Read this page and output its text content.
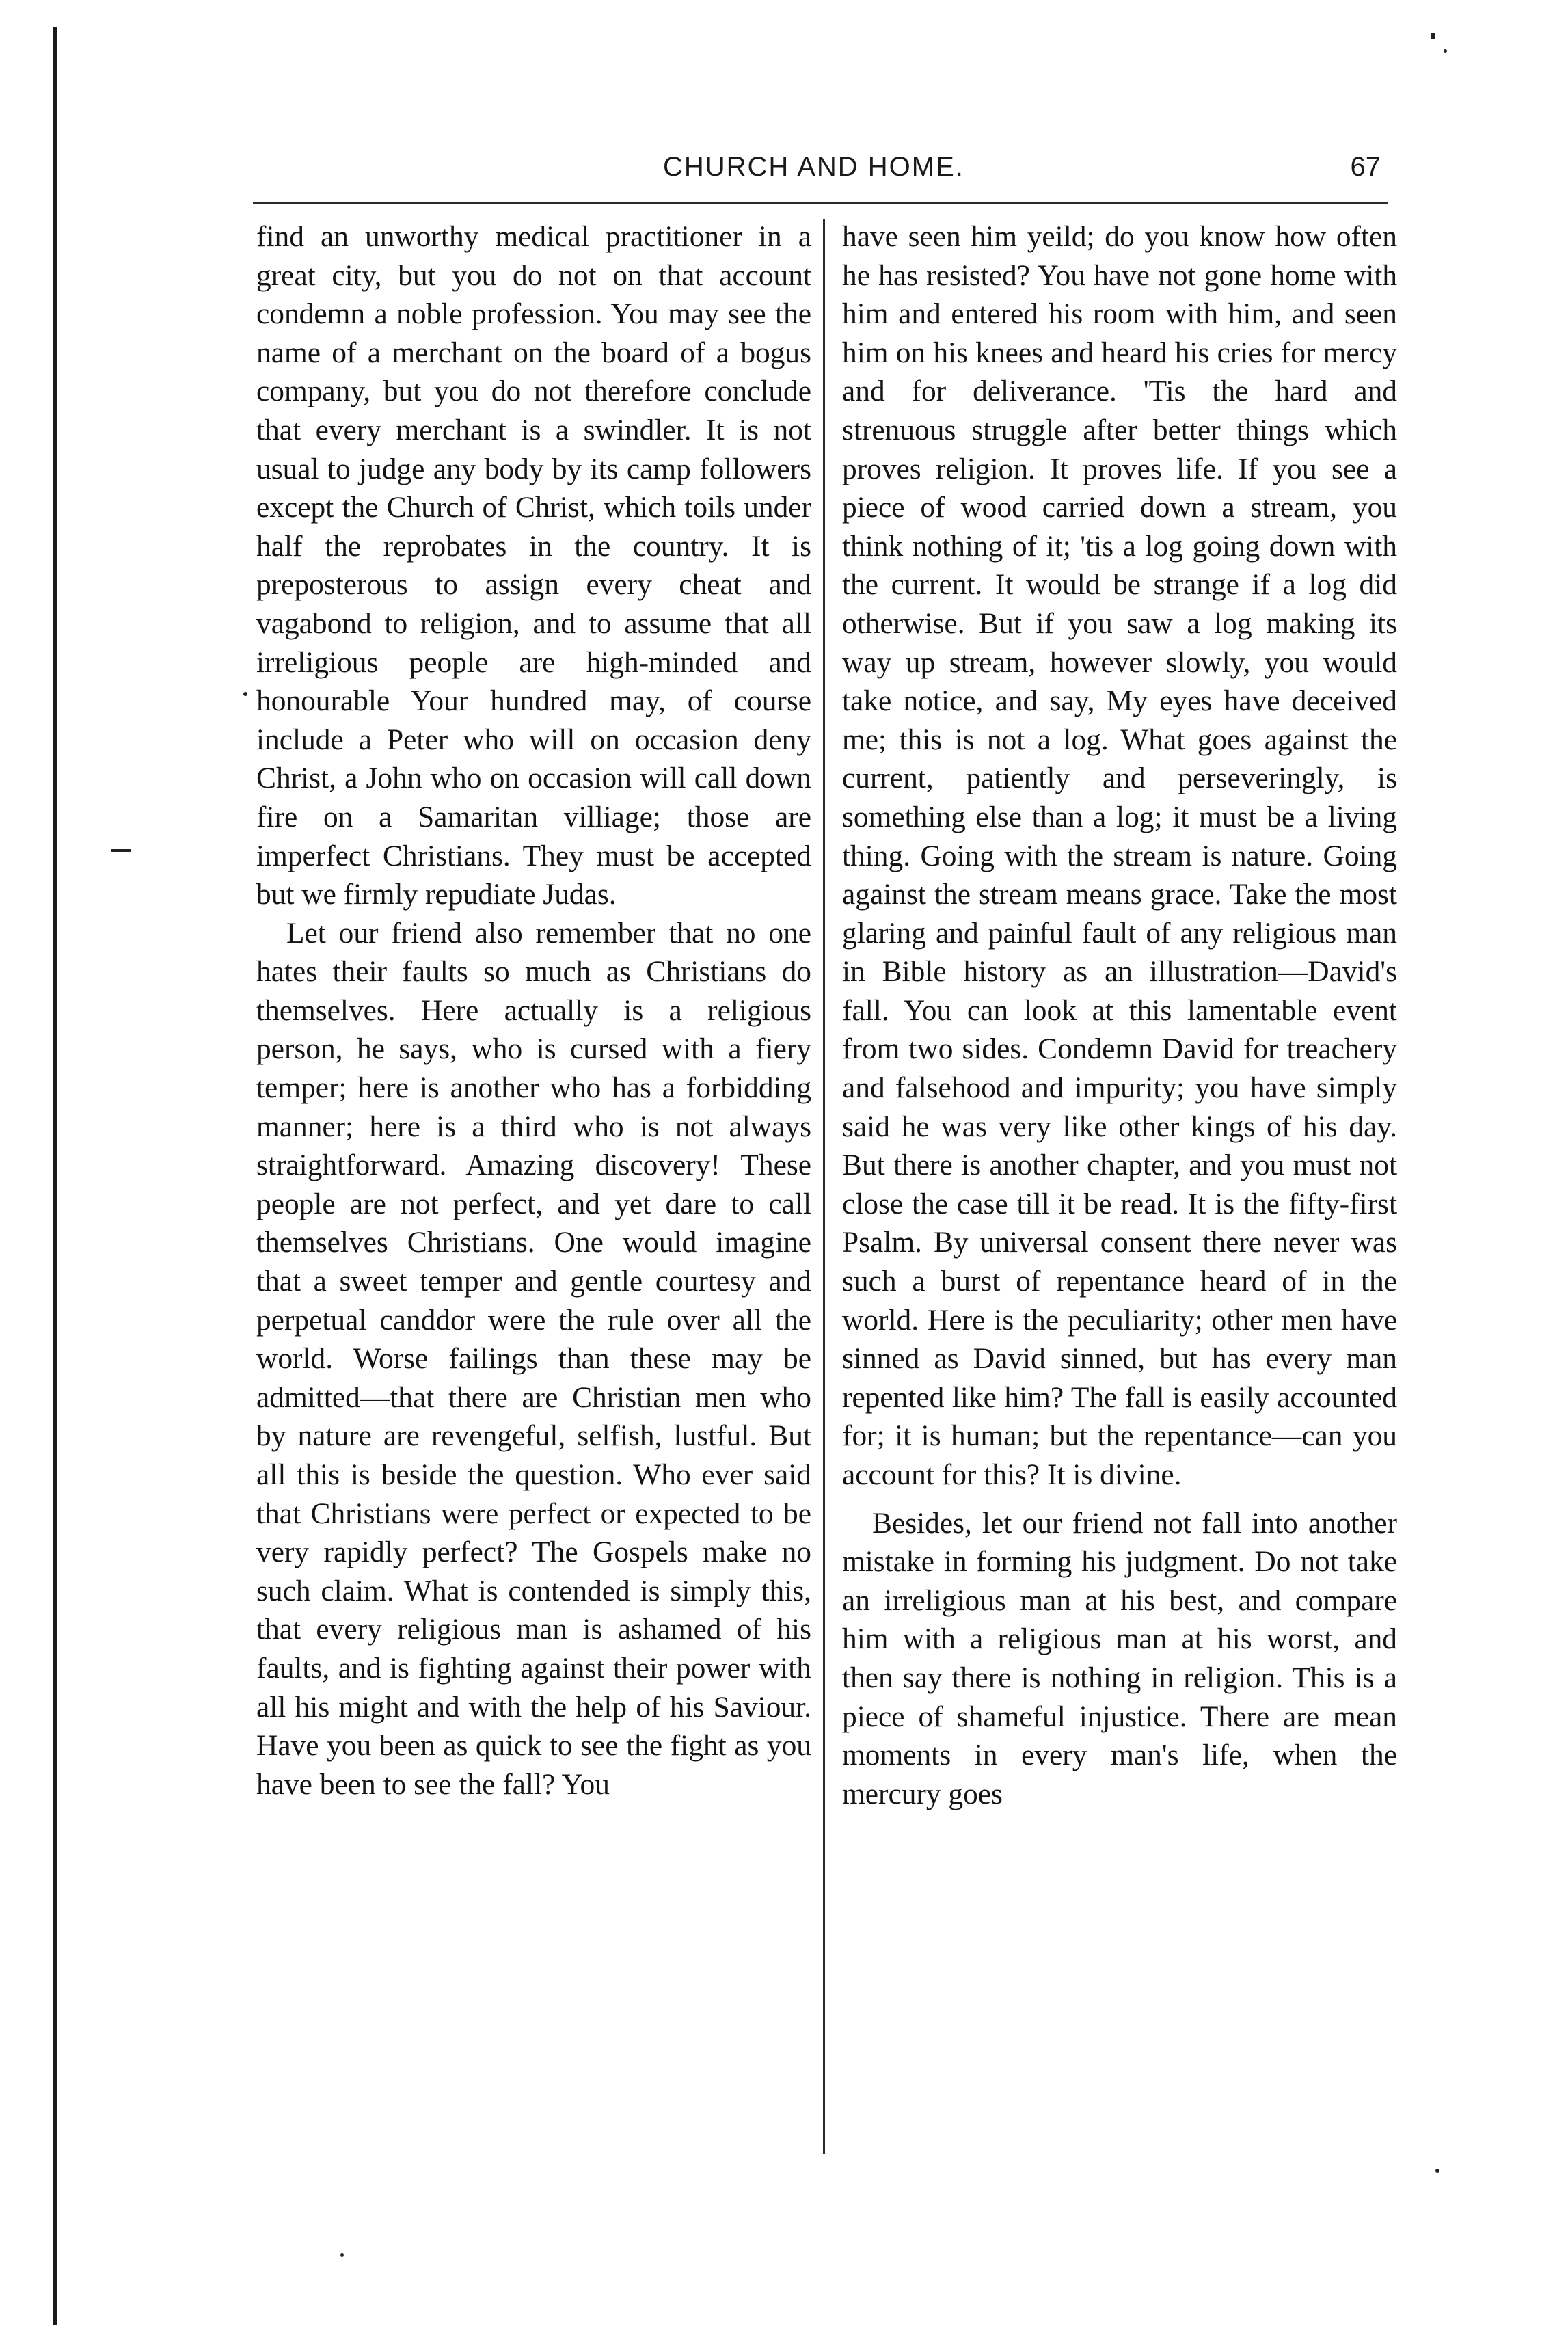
CHURCH AND HOME.	67

find an unworthy medical practitioner in a great city, but you do not on that account condemn a noble profession. You may see the name of a merchant on the board of a bogus company, but you do not therefore conclude that every merchant is a swindler. It is not usual to judge any body by its camp followers except the Church of Christ, which toils under half the reprobates in the country. It is preposterous to assign every cheat and vagabond to religion, and to assume that all irreligious people are high-minded and honourable Your hundred may, of course include a Peter who will on occasion deny Christ, a John who on occasion will call down fire on a Samaritan villiage; those are imperfect Christians. They must be accepted but we firmly repudiate Judas.

Let our friend also remember that no one hates their faults so much as Christians do themselves. Here actually is a religious person, he says, who is cursed with a fiery temper; here is another who has a forbidding manner; here is a third who is not always straightforward. Amazing discovery! These people are not perfect, and yet dare to call themselves Christians. One would imagine that a sweet temper and gentle courtesy and perpetual canddor were the rule over all the world. Worse failings than these may be admitted—that there are Christian men who by nature are revengeful, selfish, lustful. But all this is beside the question. Who ever said that Christians were perfect or expected to be very rapidly perfect? The Gospels make no such claim. What is contended is simply this, that every religious man is ashamed of his faults, and is fighting against their power with all his might and with the help of his Saviour. Have you been as quick to see the fight as you have been to see the fall? You

have seen him yeild; do you know how often he has resisted? You have not gone home with him and entered his room with him, and seen him on his knees and heard his cries for mercy and for deliverance. 'Tis the hard and strenuous struggle after better things which proves religion. It proves life. If you see a piece of wood carried down a stream, you think nothing of it; 'tis a log going down with the current. It would be strange if a log did otherwise. But if you saw a log making its way up stream, however slowly, you would take notice, and say, My eyes have deceived me; this is not a log. What goes against the current, patiently and perseveringly, is something else than a log; it must be a living thing. Going with the stream is nature. Going against the stream means grace. Take the most glaring and painful fault of any religious man in Bible history as an illustration—David's fall. You can look at this lamentable event from two sides. Condemn David for treachery and falsehood and impurity; you have simply said he was very like other kings of his day. But there is another chapter, and you must not close the case till it be read. It is the fifty-first Psalm. By universal consent there never was such a burst of repentance heard of in the world. Here is the peculiarity; other men have sinned as David sinned, but has every man repented like him? The fall is easily accounted for; it is human; but the repentance—can you account for this? It is divine.

Besides, let our friend not fall into another mistake in forming his judgment. Do not take an irreligious man at his best, and compare him with a religious man at his worst, and then say there is nothing in religion. This is a piece of shameful injustice. There are mean moments in every man's life, when the mercury goes
